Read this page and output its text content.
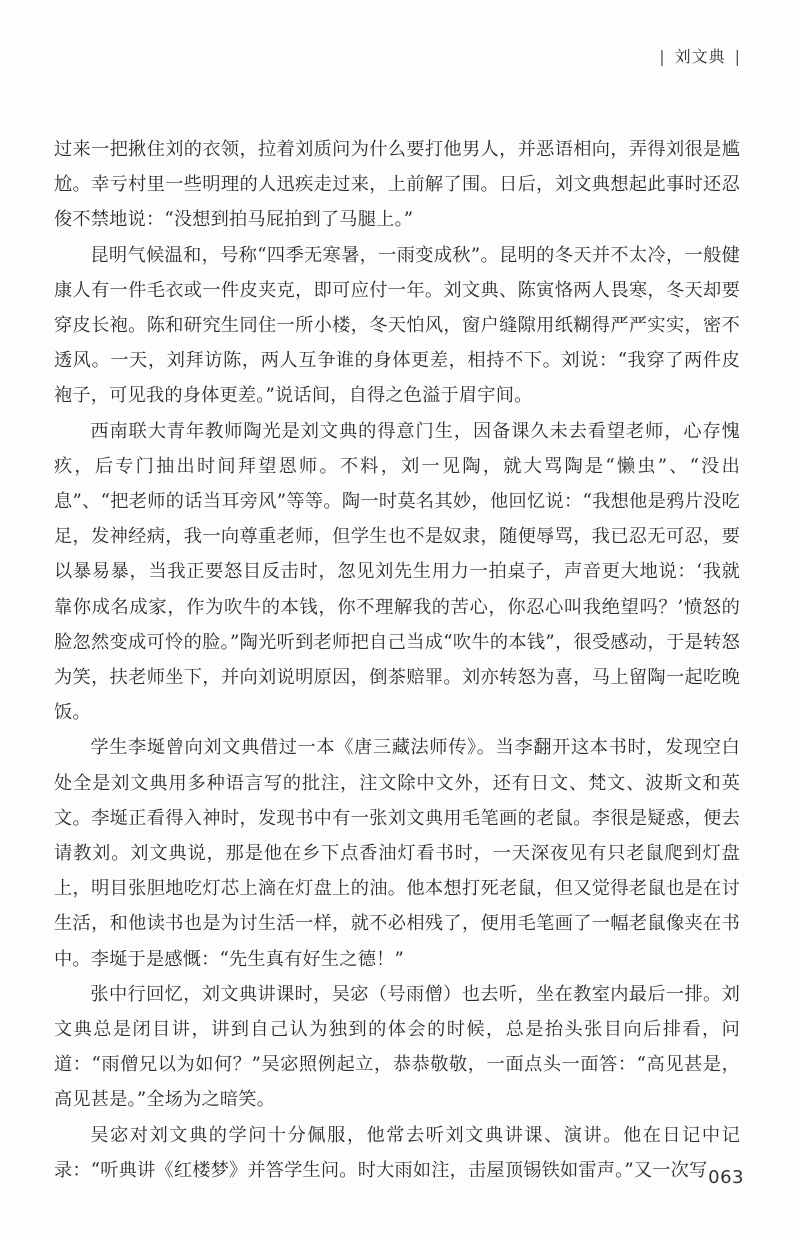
| 刘文典 |

过来一把揪住刘的衣领，拉着刘质问为什么要打他男人，并恶语相向，弄得刘很是尴尬。幸亏村里一些明理的人迅疾走过来，上前解了围。日后，刘文典想起此事时还忍俊不禁地说：“没想到拍马屁拍到了马腿上。”

昆明气候温和，号称“四季无寒暑，一雨变成秋”。昆明的冬天并不太冷，一般健康人有一件毛衣或一件皮夹克，即可应付一年。刘文典、陈寅恪两人畏寒，冬天却要穿皮长袍。陈和研究生同住一所小楼，冬天怕风，窗户缝隙用纸糊得严严实实，密不透风。一天，刘拜访陈，两人互争谁的身体更差，相持不下。刘说：“我穿了两件皮袍子，可见我的身体更差。”说话间，自得之色溢于眉宇间。

西南联大青年教师陶光是刘文典的得意门生，因备课久未去看望老师，心存愧疚，后专门抽出时间拜望恩师。不料，刘一见陶，就大骂陶是“懒虫”、“没出息”、“把老师的话当耳旁风”等等。陶一时莫名其妙，他回忆说：“我想他是鸦片没吃足，发神经病，我一向尊重老师，但学生也不是奴隶，随便辱骂，我已忍无可忍，要以暴易暴，当我正要怒目反击时，忽见刘先生用力一拍桌子，声音更大地说：‘我就靠你成名成家，作为吹牛的本钱，你不理解我的苦心，你忍心叫我绝望吗？’愤怒的脸忽然变成可怜的脸。”陶光听到老师把自己当成“吹牛的本钱”，很受感动，于是转怒为笑，扶老师坐下，并向刘说明原因，倒茶赔罪。刘亦转怒为喜，马上留陶一起吃晚饭。

学生李埏曾向刘文典借过一本《唐三藏法师传》。当李翻开这本书时，发现空白处全是刘文典用多种语言写的批注，注文除中文外，还有日文、梵文、波斯文和英文。李埏正看得入神时，发现书中有一张刘文典用毛笔画的老鼠。李很是疑惑，便去请教刘。刘文典说，那是他在乡下点香油灯看书时，一天深夜见有只老鼠爬到灯盘上，明目张胆地吃灯芯上滴在灯盘上的油。他本想打死老鼠，但又觉得老鼠也是在讨生活，和他读书也是为讨生活一样，就不必相残了，便用毛笔画了一幅老鼠像夹在书中。李埏于是感慨：“先生真有好生之德！”

张中行回忆，刘文典讲课时，吴宓（号雨僧）也去听，坐在教室内最后一排。刘文典总是闭目讲，讲到自己认为独到的体会的时候，总是抬头张目向后排看，问道：“雨僧兄以为如何？”吴宓照例起立，恭恭敬敬，一面点头一面答：“高见甚是，高见甚是。”全场为之暗笑。

吴宓对刘文典的学问十分佩服，他常去听刘文典讲课、演讲。他在日记中记录：“听典讲《红楼梦》并答学生问。时大雨如注，击屋顶锡铁如雷声。”又一次写 063
